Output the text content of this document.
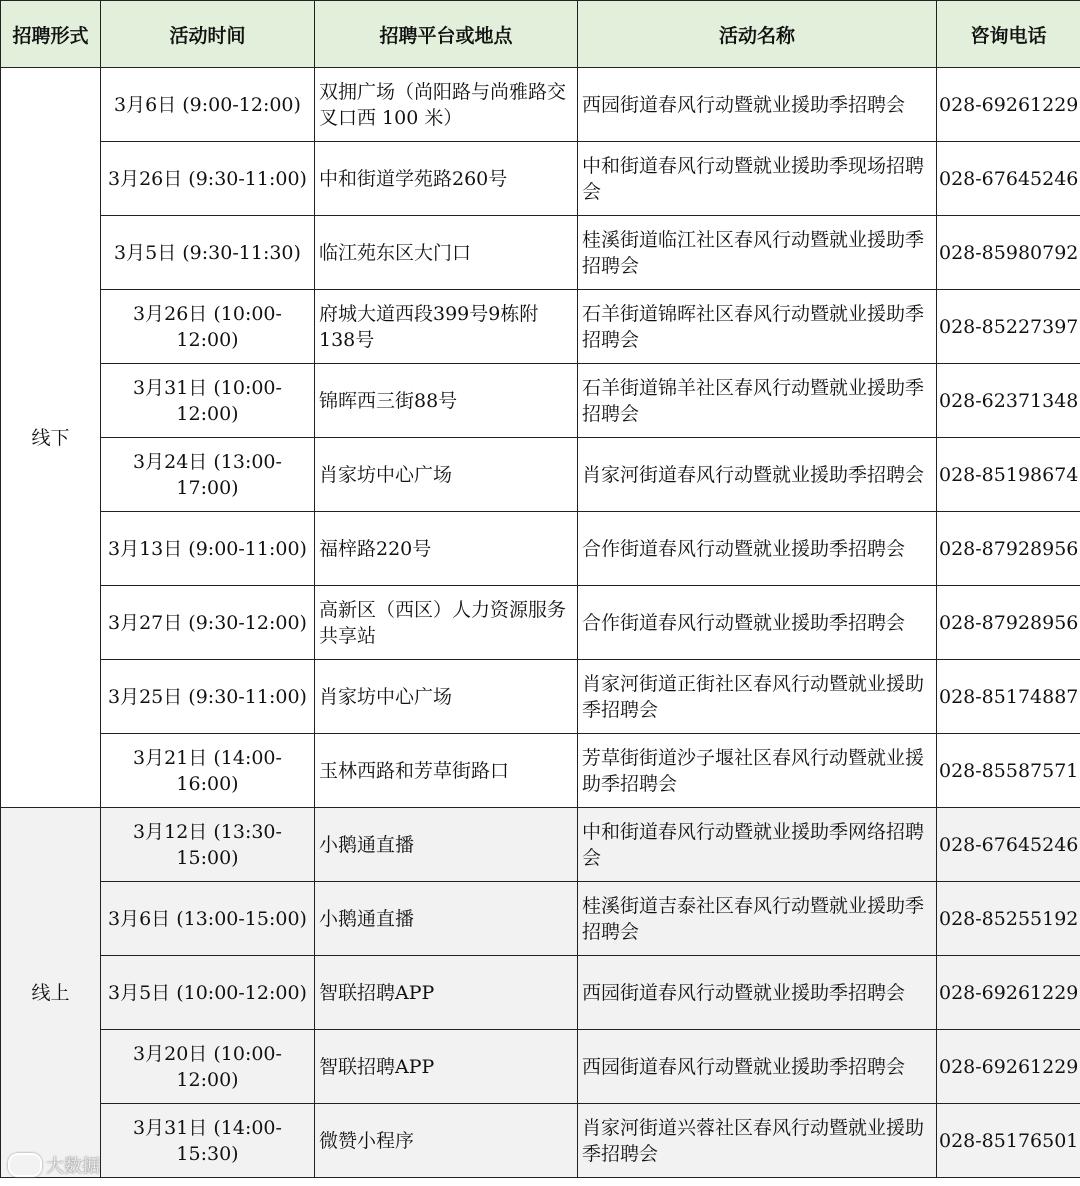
招聘形式	活动时间	招聘平台或地点	活动名称	咨询电话
线下	3月6日 (9:00-12:00)	双拥广场（尚阳路与尚雅路交叉口西 100 米）	西园街道春风行动暨就业援助季招聘会	028-69261229
	3月26日 (9:30-11:00)	中和街道学苑路260号	中和街道春风行动暨就业援助季现场招聘会	028-67645246
	3月5日 (9:30-11:30)	临江苑东区大门口	桂溪街道临江社区春风行动暨就业援助季招聘会	028-85980792
	3月26日 (10:00-12:00)	府城大道西段399号9栋附138号	石羊街道锦晖社区春风行动暨就业援助季招聘会	028-85227397
	3月31日 (10:00-12:00)	锦晖西三街88号	石羊街道锦羊社区春风行动暨就业援助季招聘会	028-62371348
	3月24日 (13:00-17:00)	肖家坊中心广场	肖家河街道春风行动暨就业援助季招聘会	028-85198674
	3月13日 (9:00-11:00)	福梓路220号	合作街道春风行动暨就业援助季招聘会	028-87928956
	3月27日 (9:30-12:00)	高新区（西区）人力资源服务共享站	合作街道春风行动暨就业援助季招聘会	028-87928956
	3月25日 (9:30-11:00)	肖家坊中心广场	肖家河街道正街社区春风行动暨就业援助季招聘会	028-85174887
	3月21日 (14:00-16:00)	玉林西路和芳草街路口	芳草街街道沙子堰社区春风行动暨就业援助季招聘会	028-85587571
线上	3月12日 (13:30-15:00)	小鹅通直播	中和街道春风行动暨就业援助季网络招聘会	028-67645246
	3月6日 (13:00-15:00)	小鹅通直播	桂溪街道吉泰社区春风行动暨就业援助季招聘会	028-85255192
	3月5日 (10:00-12:00)	智联招聘APP	西园街道春风行动暨就业援助季招聘会	028-69261229
	3月20日 (10:00-12:00)	智联招聘APP	西园街道春风行动暨就业援助季招聘会	028-69261229
	3月31日 (14:00-15:30)	微赞小程序	肖家河街道兴蓉社区春风行动暨就业援助季招聘会	028-85176501
大数据
